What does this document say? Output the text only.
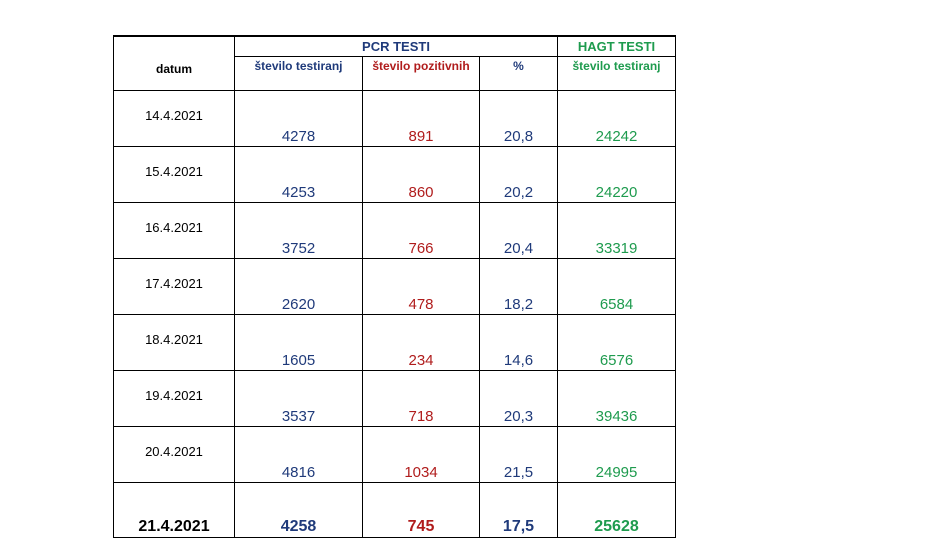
datum	PCR TESTI			HAGT TESTI
	število testiranj	število pozitivnih	%	število testiranj
14.4.2021	4278	891	20,8	24242
15.4.2021	4253	860	20,2	24220
16.4.2021	3752	766	20,4	33319
17.4.2021	2620	478	18,2	6584
18.4.2021	1605	234	14,6	6576
19.4.2021	3537	718	20,3	39436
20.4.2021	4816	1034	21,5	24995
21.4.2021	4258	745	17,5	25628
